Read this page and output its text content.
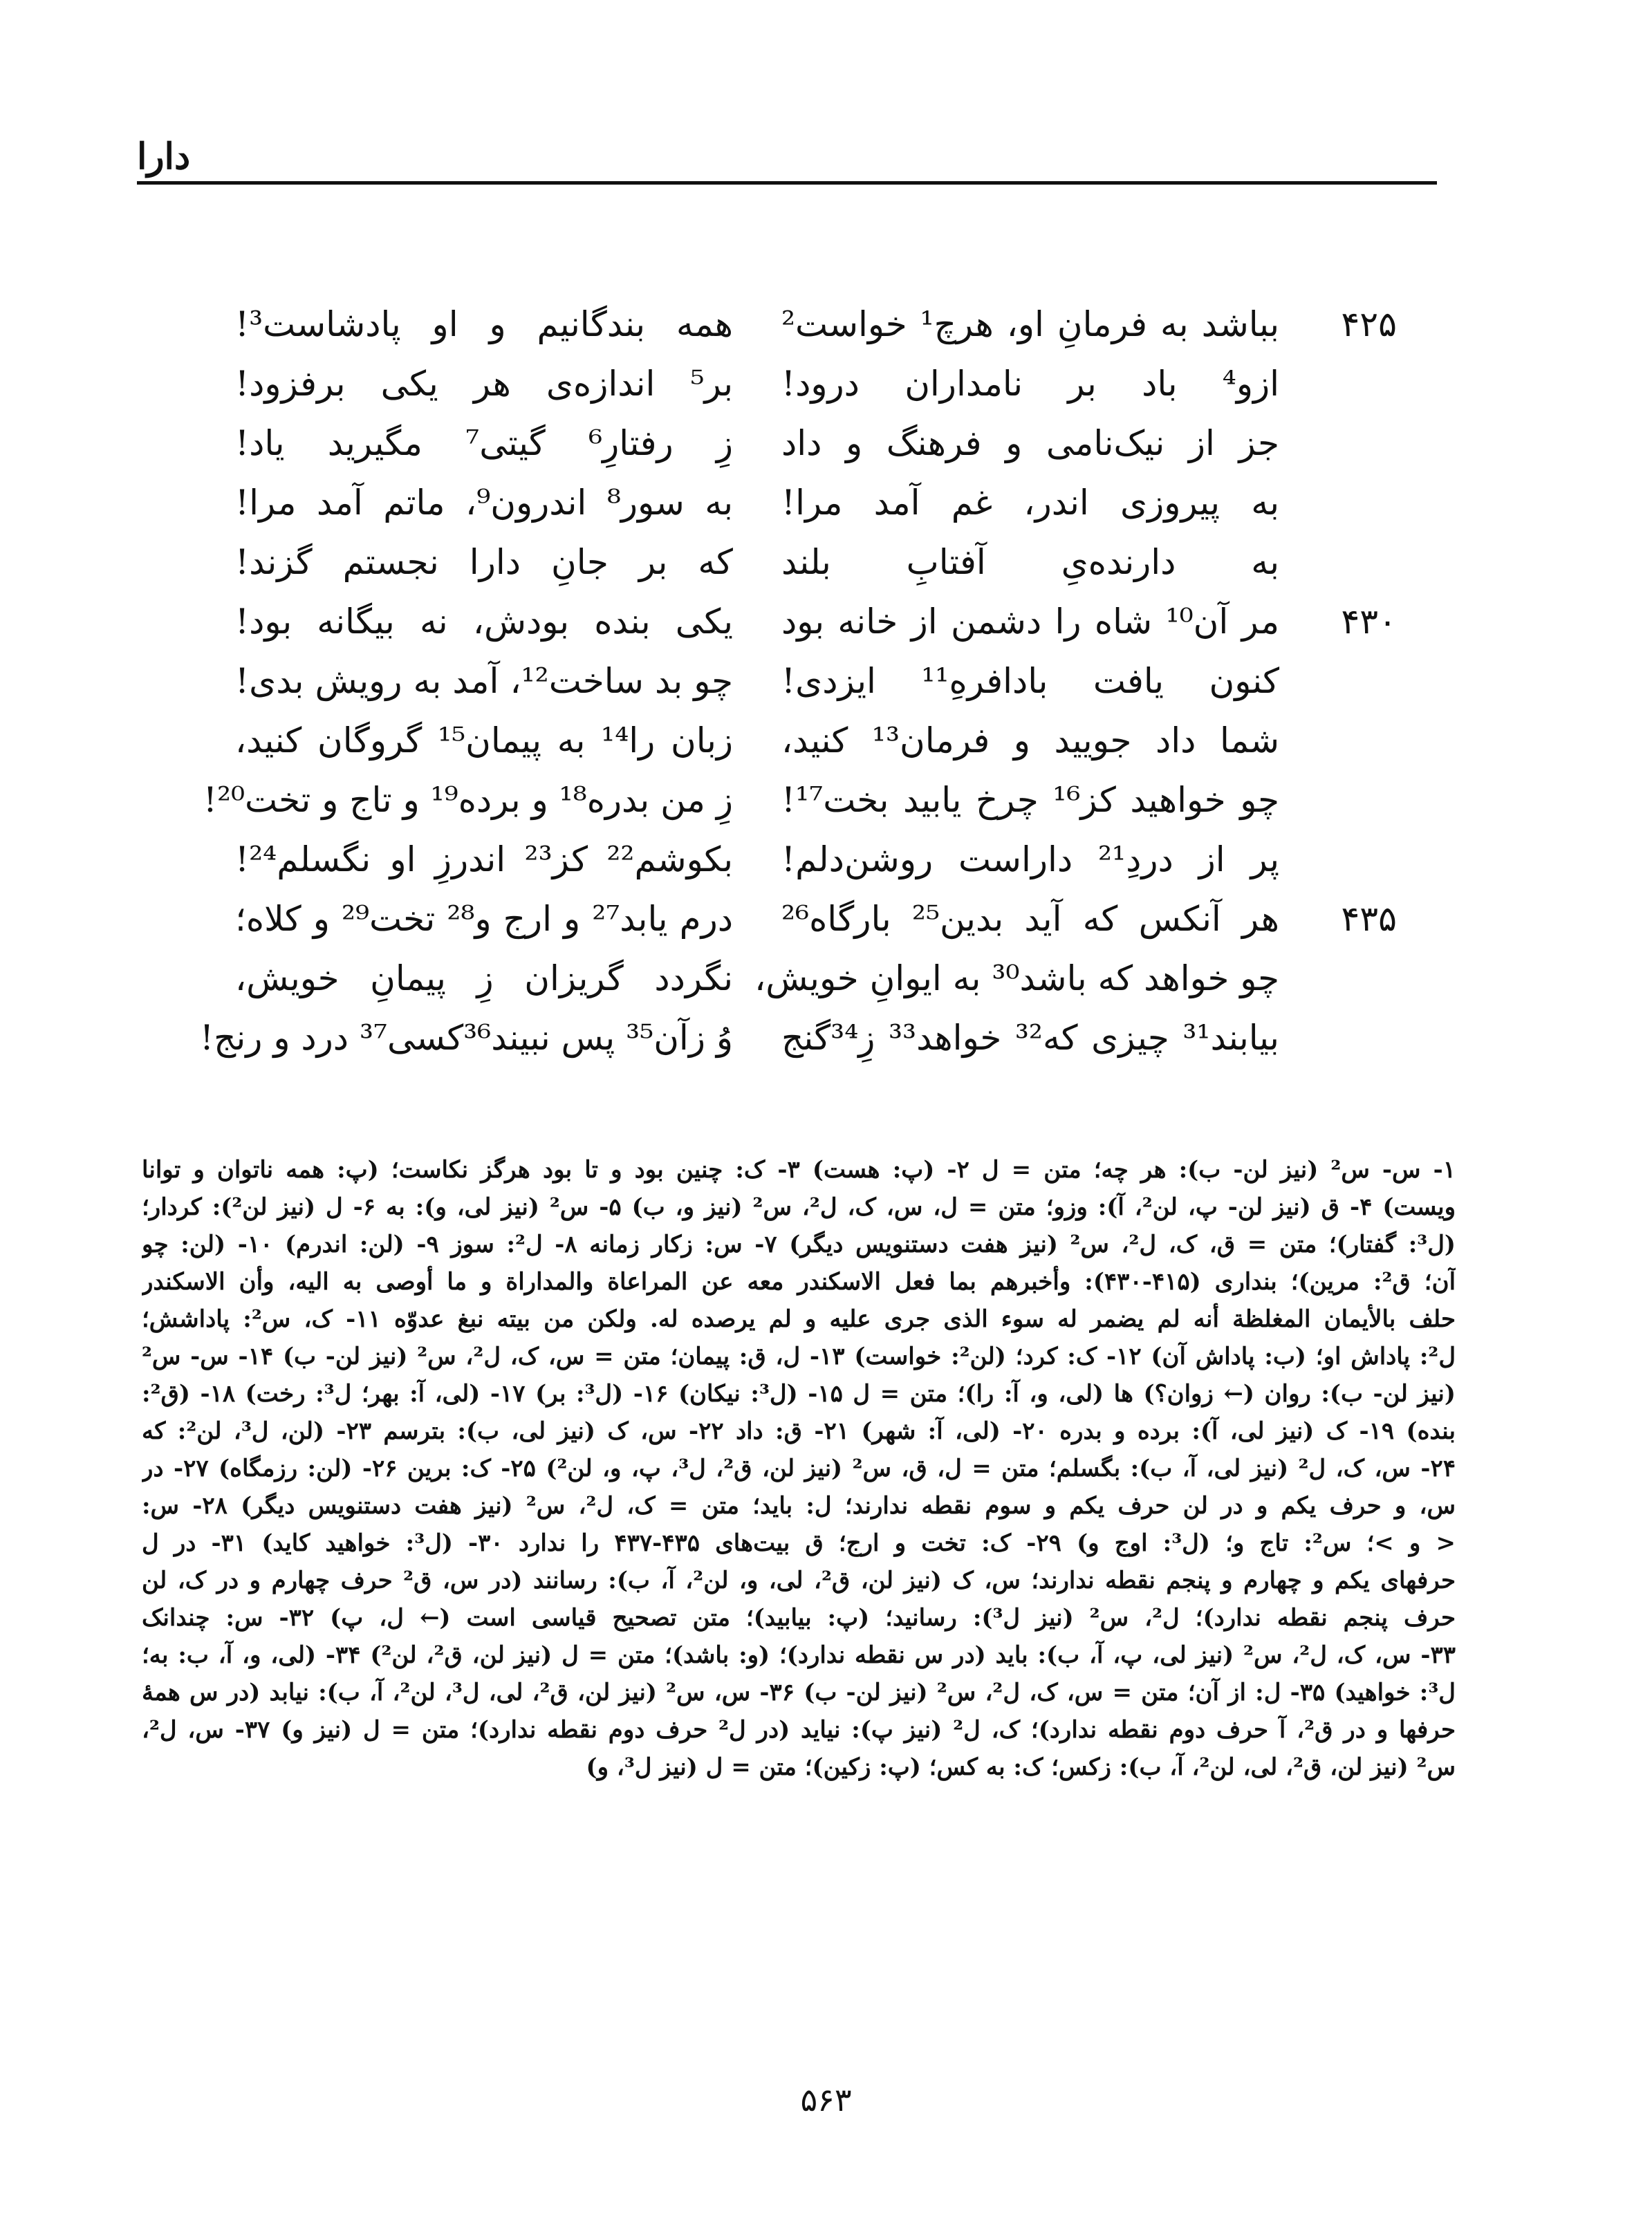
دارا
۴۲۵
بباشد به فرمانِ او، هرچ¹ خواست²
همه بندگانیم و او پادشاست³!
ازو⁴ باد بر نامداران درود!
بر⁵ اندازه‌ی هر یکی برفزود!
جز از نیک‌نامی و فرهنگ و داد
زِ رفتارِ⁶ گیتی⁷ مگیرید یاد!
به پیروزی اندر، غم آمد مرا!
به سور⁸ اندرون⁹، ماتم آمد مرا!
به دارنده‌یِ آفتابِ بلند
که بر جانِ دارا نجستم گزند!
۴۳۰
مر آن¹⁰ شاه را دشمن از خانه بود
یکی بنده بودش، نه بیگانه بود!
کنون یافت بادافرهِ¹¹ ایزدی!
چو بد ساخت¹²، آمد به رویش بدی!
شما داد جویید و فرمان¹³ کنید،
زبان را¹⁴ به پیمان¹⁵ گروگان کنید،
چو خواهید کز¹⁶ چرخ یابید بخت¹⁷!
زِ من بدره¹⁸ و برده¹⁹ و تاج و تخت²⁰!
پر از دردِ²¹ داراست روشن‌دلم!
بکوشم²² کز²³ اندرزِ او نگسلم²⁴!
۴۳۵
هر آنکس که آید بدین²⁵ بارگاه²⁶
درم یابد²⁷ و ارج و²⁸ تخت²⁹ و کلاه؛
چو خواهد که باشد³⁰ به ایوانِ خویش،
نگردد گریزان زِ پیمانِ خویش،
بیابند³¹ چیزی که³² خواهد³³ زِ³⁴گنج
وُ زآن³⁵ پس نبیند³⁶کسی³⁷ درد و رنج!
۱- س- س² (نیز لن- ب): هر چه؛ متن = ل ۲- (پ: هست) ۳- ک: چنین بود و تا بود هرگز نکاست؛ (پ: همه ناتوان و توانا
ویست) ۴- ق (نیز لن- پ، لن²، آ): وزو؛ متن = ل، س، ک، ل²، س² (نیز و، ب) ۵- س² (نیز لی، و): به ۶- ل (نیز لن²): کردار؛
(ل³: گفتار)؛ متن = ق، ک، ل²، س² (نیز هفت دستنویس دیگر) ۷- س: زکار زمانه ۸- ل²: سوز ۹- (لن: اندرم) ۱۰- (لن: چو
آن؛ ق²: مرین)؛ بنداری (۴۱۵-۴۳۰): وأخبرهم بما فعل الاسکندر معه عن المراعاة والمداراة و ما أوصی به الیه، وأن الاسکندر
حلف بالأیمان المغلظة أنه لم یضمر له سوء الذی جری علیه و لم یرصده له. ولکن من بیته نبغ عدوّه ۱۱- ک، س²: پاداشش؛
ل²: پاداش او؛ (ب: پاداش آن) ۱۲- ک: کرد؛ (لن²: خواست) ۱۳- ل، ق: پیمان؛ متن = س، ک، ل²، س² (نیز لن- ب) ۱۴- س- س²
(نیز لن- ب): روان (← زوان؟) ها (لی، و، آ: را)؛ متن = ل ۱۵- (ل³: نیکان) ۱۶- (ل³: بر) ۱۷- (لی، آ: بهر؛ ل³: رخت) ۱۸- (ق²:
بنده) ۱۹- ک (نیز لی، آ): برده و بدره ۲۰- (لی، آ: شهر) ۲۱- ق: داد ۲۲- س، ک (نیز لی، ب): بترسم ۲۳- (لن، ل³، لن²: که
۲۴- س، ک، ل² (نیز لی، آ، ب): بگسلم؛ متن = ل، ق، س² (نیز لن، ق²، ل³، پ، و، لن²) ۲۵- ک: برین ۲۶- (لن: رزمگاه) ۲۷- در
س، و حرف یکم و در لن حرف یکم و سوم نقطه ندارند؛ ل: باید؛ متن = ک، ل²، س² (نیز هفت دستنویس دیگر) ۲۸- س:
< و >؛ س²: تاج و؛ (ل³: اوج و) ۲۹- ک: تخت و ارج؛ ق بیت‌های ۴۳۵-۴۳۷ را ندارد ۳۰- (ل³: خواهید کاید) ۳۱- در ل
حرفهای یکم و چهارم و پنجم نقطه ندارند؛ س، ک (نیز لن، ق²، لی، و، لن²، آ، ب): رسانند (در س، ق² حرف چهارم و در ک، لن
حرف پنجم نقطه ندارد)؛ ل²، س² (نیز ل³): رسانید؛ (پ: بیابید)؛ متن تصحیح قیاسی است (← ل، پ) ۳۲- س: چندانک
۳۳- س، ک، ل²، س² (نیز لی، پ، آ، ب): باید (در س نقطه ندارد)؛ (و: باشد)؛ متن = ل (نیز لن، ق²، لن²) ۳۴- (لی، و، آ، ب: به؛
ل³: خواهید) ۳۵- ل: از آن؛ متن = س، ک، ل²، س² (نیز لن- ب) ۳۶- س، س² (نیز لن، ق²، لی، ل³، لن²، آ، ب): نیابد (در س همهٔ
حرفها و در ق²، آ حرف دوم نقطه ندارد)؛ ک، ل² (نیز پ): نیاید (در ل² حرف دوم نقطه ندارد)؛ متن = ل (نیز و) ۳۷- س، ل²،
س² (نیز لن، ق²، لی، لن²، آ، ب): زکس؛ ک: به کس؛ (پ: زکین)؛ متن = ل (نیز ل³، و)
۵۶۳
